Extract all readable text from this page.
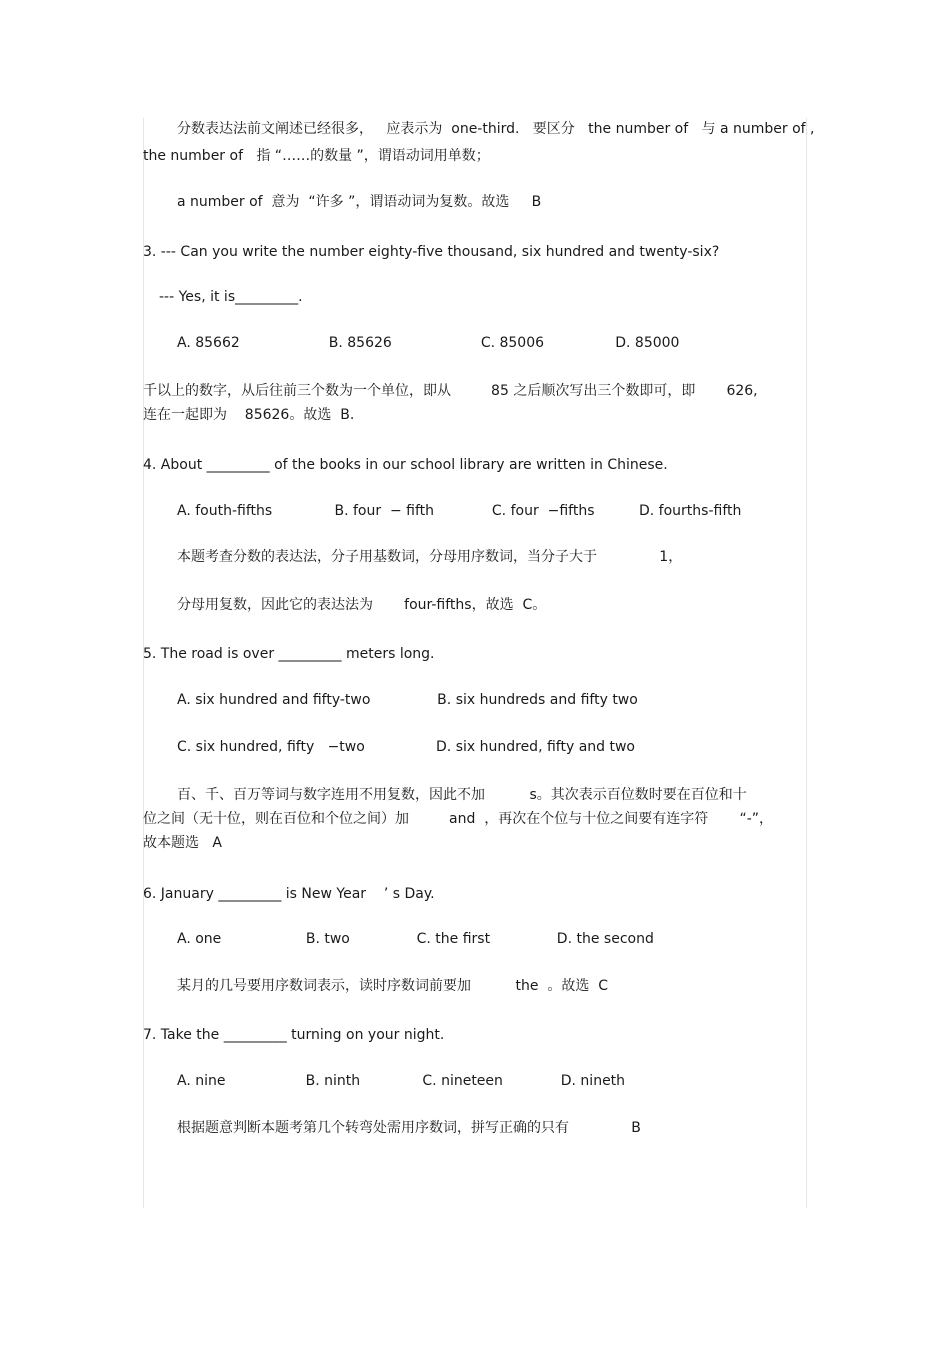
分数表达法前文阐述已经很多，   应表示为  one-third.   要区分   the number of   与 a number of ,
the number of   指 “……的数量 ”，谓语动词用单数；
a number of  意为  “许多 ”，谓语动词为复数。故选     B
3. --- Can you write the number eighty-five thousand, six hundred and twenty-six?
--- Yes, it is_________.
A. 85662                    B. 85626                    C. 85006                D. 85000
千以上的数字，从后往前三个数为一个单位，即从         85 之后顺次写出三个数即可，即       626,
连在一起即为    85626。故选  B.
4. About _________ of the books in our school library are written in Chinese.
A. fouth-fifths              B. four  − fifth             C. four  −fifths          D. fourths-fifth
本题考查分数的表达法，分子用基数词，分母用序数词，当分子大于              1，
分母用复数，因此它的表达法为       four-fifths，故选  C。
5. The road is over _________ meters long.
A. six hundred and fifty-two               B. six hundreds and fifty two
C. six hundred, fifty   −two                D. six hundred, fifty and two
百、千、百万等词与数字连用不用复数，因此不加          s。其次表示百位数时要在百位和十
位之间（无十位，则在百位和个位之间）加         and  ，再次在个位与十位之间要有连字符       “-”，
故本题选   A
6. January _________ is New Year    ’ s Day.
A. one                   B. two               C. the first               D. the second
某月的几号要用序数词表示，读时序数词前要加          the  。故选  C
7. Take the _________ turning on your night.
A. nine                  B. ninth              C. nineteen             D. nineth
根据题意判断本题考第几个转弯处需用序数词，拼写正确的只有              B
